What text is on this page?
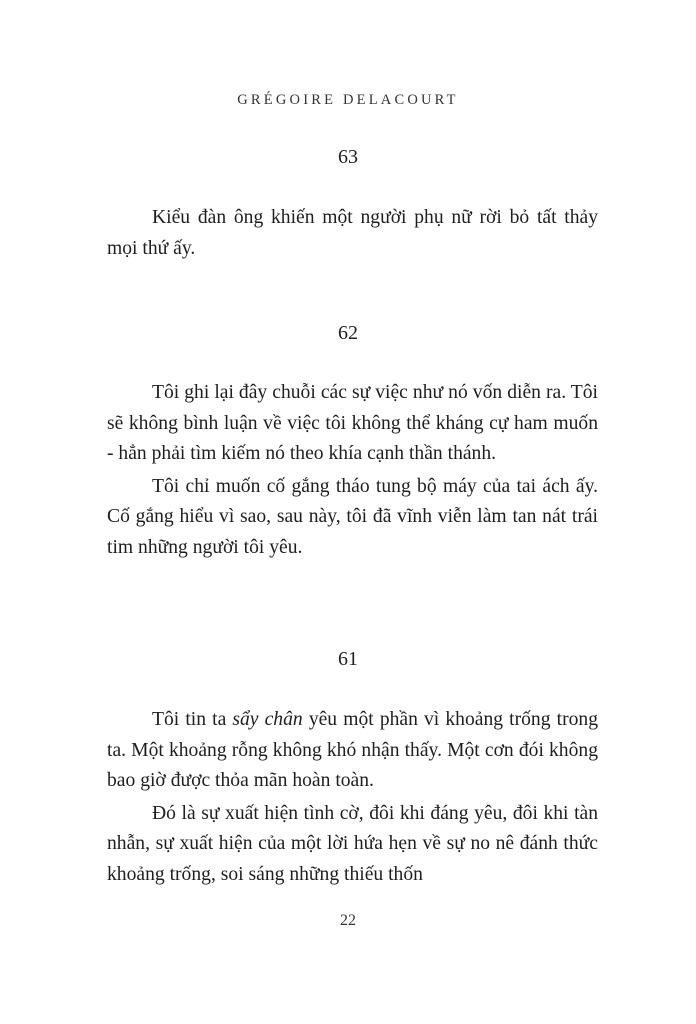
GRÉGOIRE DELACOURT
63

Kiểu đàn ông khiến một người phụ nữ rời bỏ tất thảy mọi thứ ấy.

62

Tôi ghi lại đây chuỗi các sự việc như nó vốn diễn ra. Tôi sẽ không bình luận về việc tôi không thể kháng cự ham muốn - hẳn phải tìm kiếm nó theo khía cạnh thần thánh.

Tôi chỉ muốn cố gắng tháo tung bộ máy của tai ách ấy. Cố gắng hiểu vì sao, sau này, tôi đã vĩnh viễn làm tan nát trái tim những người tôi yêu.

61

Tôi tin ta sẩy chân yêu một phần vì khoảng trống trong ta. Một khoảng rỗng không khó nhận thấy. Một cơn đói không bao giờ được thỏa mãn hoàn toàn.

Đó là sự xuất hiện tình cờ, đôi khi đáng yêu, đôi khi tàn nhẫn, sự xuất hiện của một lời hứa hẹn về sự no nê đánh thức khoảng trống, soi sáng những thiếu thốn

22
